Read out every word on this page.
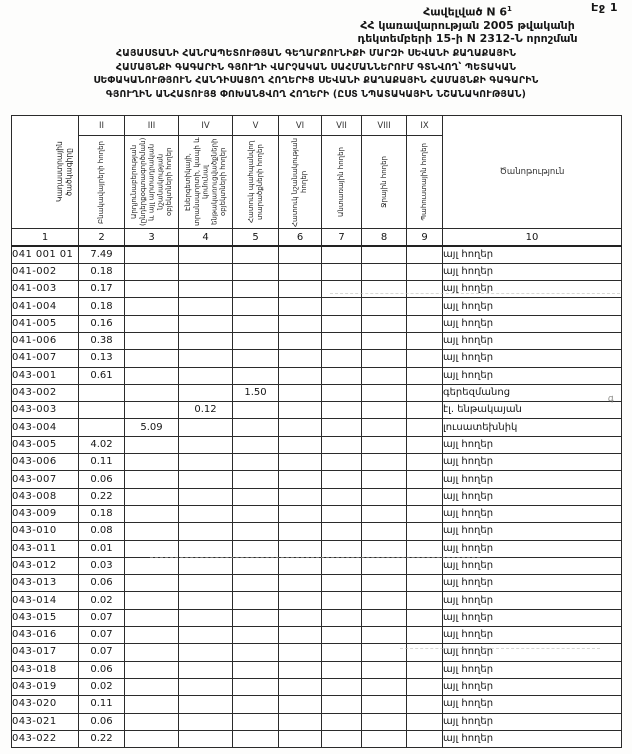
Էջ 1
Հավելված N $6^1$
ՀՀ կառավարության 2005 թվականի
դեկտեմբերի 15-ի N 2312-Ն որոշման
ՀԱՅԱՍՏԱՆԻ ՀԱՆՐԱՊԵՏՈՒԹՅԱՆ ԳԵՂԱՐՔՈՒՆԻՔԻ ՄԱՐԶԻ ՍԵՎԱՆԻ ՔԱՂԱՔԱՅԻՆ
ՀԱՄԱՅՆՔԻ ԳԱԳԱՐԻՆ ԳՅՈՒՂԻ ՎԱՐՉԱԿԱՆ ՍԱՀՄԱՆՆԵՐՈՒՄ ԳՏՆՎՈՂ՝ ՊԵՏԱԿԱՆ
ՍԵՓԱԿԱՆՈՒԹՅՈՒՆ ՀԱՆԴԻՍԱՑՈՂ ՀՈՂԵՐԻՑ ՍԵՎԱՆԻ ՔԱՂԱՔԱՅԻՆ ՀԱՄԱՅՆՔԻ ԳԱԳԱՐԻՆ
ԳՅՈՒՂԻՆ ԱՆՀԱՏՈՒՅՑ ՓՈԽԱՆՑՎՈՂ ՀՈՂԵՐԻ (ԸՍՏ ՆՊԱՏԱԿԱՅԻՆ ՆՇԱՆԱԿՈՒԹՅԱՆ)
Կադաստրային ծածկագիրը	II	III	IV	V	VI	VII	VIII	IX	Ծանոթություն

	Բնակավայրերի հողեր	Արդյունաբերության (ընդերքօգտագործման) և այլ արտադրական նշանակության օբյեկտների հողեր	Էներգետիկայի, տրանսպորտի, կապի և կոմունալ ենթակառուցվածքների օբյեկտների հողեր	Հատուկ պահպանվող տարածքների հողեր	Հատուկ նշանակության հողեր	Անտառային հողեր	Ջրային հողեր	Պահուստային հողեր	

1	2	3	4	5	6	7	8	9	10
041 001 01	7.49								այլ հողեր
041-002	0.18								այլ հողեր
041-003	0.17								այլ հողեր
041-004	0.18								այլ հողեր
041-005	0.16								այլ հողեր
041-006	0.38								այլ հողեր
041-007	0.13								այլ հողեր
043-001	0.61								այլ հողեր
043-002				1.50					գերեզմանոց
043-003			0.12						էլ. ենթակայան
043-004		5.09							լուսատեխնիկ
043-005	4.02								այլ հողեր
043-006	0.11								այլ հողեր
043-007	0.06								այլ հողեր
043-008	0.22								այլ հողեր
043-009	0.18								այլ հողեր
043-010	0.08								այլ հողեր
043-011	0.01								այլ հողեր
043-012	0.03								այլ հողեր
043-013	0.06								այլ հողեր
043-014	0.02								այլ հողեր
043-015	0.07								այլ հողեր
043-016	0.07								այլ հողեր
043-017	0.07								այլ հողեր
043-018	0.06								այլ հողեր
043-019	0.02								այլ հողեր
043-020	0.11								այլ հողեր
043-021	0.06								այլ հողեր
043-022	0.22								այլ հողեր
գ
